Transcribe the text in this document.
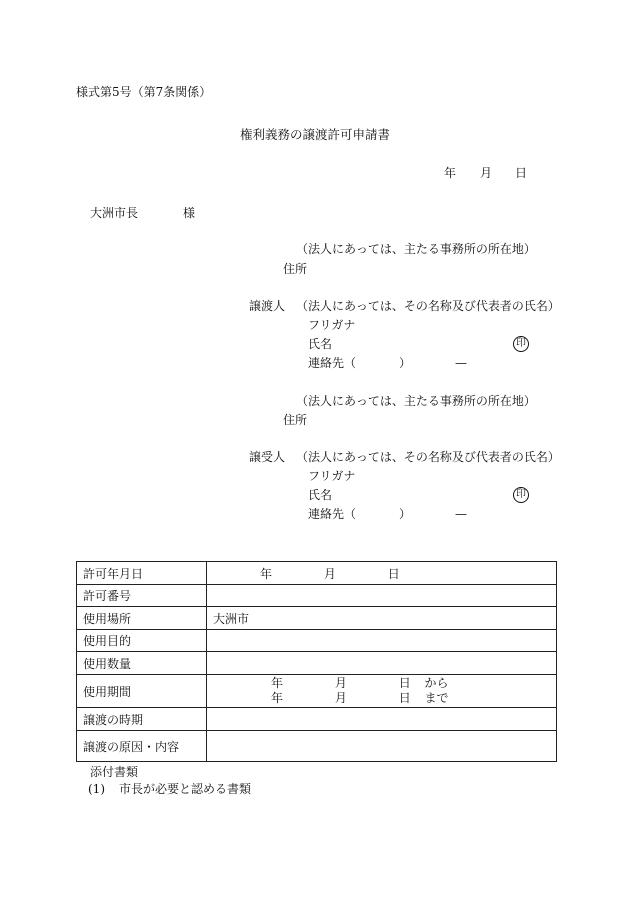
様式第5号（第7条関係）
権利義務の譲渡許可申請書
年 月 日
大洲市長	様
（法人にあっては、主たる事務所の所在地）
住所
譲渡人 （法人にあっては、その名称及び代表者の氏名）
フリガナ
氏名	印
連絡先（	）	—
（法人にあっては、主たる事務所の所在地）
住所
譲受人 （法人にあっては、その名称及び代表者の氏名）
フリガナ
氏名	印
連絡先（	）	—
許可年月日	年 月 日
許可番号	
使用場所	大洲市
使用目的	
使用数量	
使用期間	年 月 日 から
年 月 日 まで

譲渡の時期	
譲渡の原因・内容	
添付書類
(1) 市長が必要と認める書類
